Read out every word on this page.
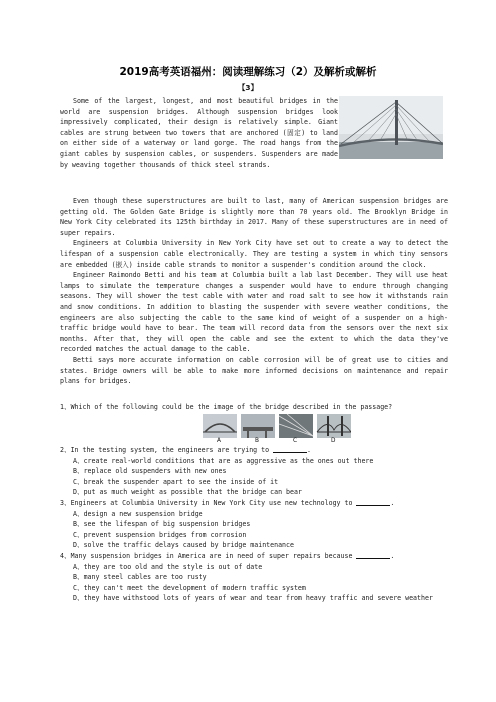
2019高考英语福州：阅读理解练习（2）及解析或解析
【3】

Some of the largest, longest, and most beautiful bridges in the world are suspension bridges. Although suspension bridges look impressively complicated, their design is relatively simple. Giant cables are strung between two towers that are anchored (固定) to land on either side of a waterway or land gorge. The road hangs from the giant cables by suspension cables, or suspenders. Suspenders are made by weaving together thousands of thick steel strands.

Even though these superstructures are built to last, many of American suspension bridges are getting old. The Golden Gate Bridge is slightly more than 70 years old. The Brooklyn Bridge in New York City celebrated its 125th birthday in 2017. Many of these superstructures are in need of super repairs.

Engineers at Columbia University in New York City have set out to create a way to detect the lifespan of a suspension cable electronically. They are testing a system in which tiny sensors are embedded (嵌入) inside cable strands to monitor a suspender's condition around the clock.

Engineer Raimondo Betti and his team at Columbia built a lab last December. They will use heat lamps to simulate the temperature changes a suspender would have to endure through changing seasons. They will shower the test cable with water and road salt to see how it withstands rain and snow conditions. In addition to blasting the suspender with severe weather conditions, the engineers are also subjecting the cable to the same kind of weight of a suspender on a high-traffic bridge would have to bear. The team will record data from the sensors over the next six months. After that, they will open the cable and see the extent to which the data they've recorded matches the actual damage to the cable.

Betti says more accurate information on cable corrosion will be of great use to cities and states. Bridge owners will be able to make more informed decisions on maintenance and repair plans for bridges.

1、Which of the following could be the image of the bridge described in the passage?

A	B	C	D

2、In the testing system, the engineers are trying to	.

A、create real-world conditions that are as aggressive as the ones out there

B、replace old suspenders with new ones

C、break the suspender apart to see the inside of it

D、put as much weight as possible that the bridge can bear

3、Engineers at Columbia University in New York City use new technology to	.

A、design a new suspension bridge

B、see the lifespan of big suspension bridges

C、prevent suspension bridges from corrosion

D、solve the traffic delays caused by bridge maintenance

4、Many suspension bridges in America are in need of super repairs because	.

A、they are too old and the style is out of date

B、many steel cables are too rusty

C、they can't meet the development of modern traffic system

D、they have withstood lots of years of wear and tear from heavy traffic and severe weather
